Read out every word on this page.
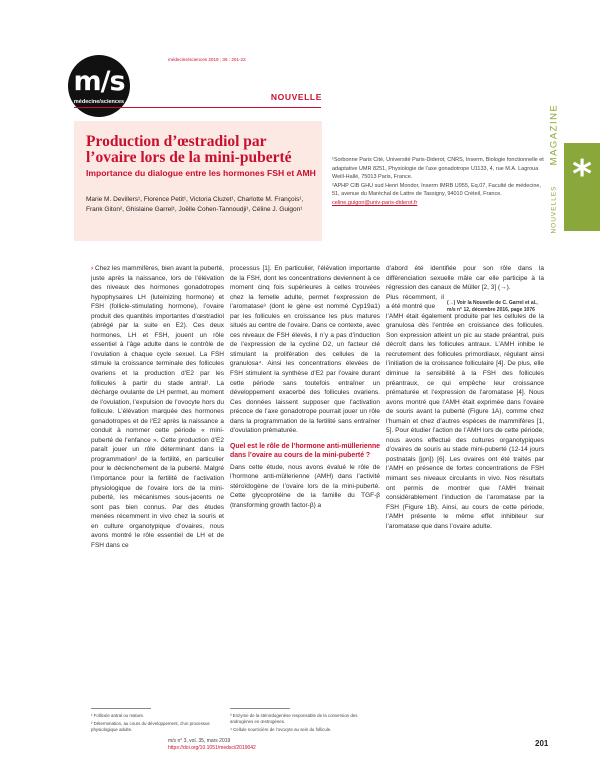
m/s
médecine/sciences
médecine/sciences 2019 ; 35 : 201-22
MAGAZINE
*
NOUVELLES
NOUVELLE
Production d’œstradiol par l’ovaire lors de la mini-puberté
Importance du dialogue entre les hormones FSH et AMH
Marie M. Devillers¹, Florence Petit¹, Victoria Cluzet¹, Charlotte M. François¹, Frank Giton², Ghislaine Garrel¹, Joëlle Cohen-Tannoudji¹, Céline J. Guigon¹
¹Sorbonne Paris Cité, Université Paris-Diderot, CNRS, Inserm, Biologie fonctionnelle et adaptative UMR 8251, Physiologie de l’axe gonadotrope U1133, 4, rue M.A. Lagroua Weill-Hallé, 75013 Paris, France.
²APHP CIB GHU sud Henri Mondor, Inserm IMRB U955, Eq.07, Faculté de médecine, 51, avenue du Maréchal de Lattre de Tassigny, 94010 Créteil, France.
celine.guigon@univ-paris-diderot.fr

› Chez les mammifères, bien avant la puberté, juste après la naissance, lors de l’élévation des niveaux des hormones gonadotropes hypophysaires LH (luteinizing hormone) et FSH (follicle-stimulating hormone), l’ovaire produit des quantités importantes d’œstradiol (abrégé par la suite en E2). Ces deux hormones, LH et FSH, jouent un rôle essentiel à l’âge adulte dans le contrôle de l’ovulation à chaque cycle sexuel. La FSH stimule la croissance terminale des follicules ovariens et la production d’E2 par les follicules à partir du stade antral¹. La décharge ovulante de LH permet, au moment de l’ovulation, l’expulsion de l’ovocyte hors du follicule. L’élévation marquée des hormones gonadotropes et de l’E2 après la naissance a conduit à nommer cette période « mini-puberté de l’enfance ». Cette production d’E2 paraît jouer un rôle déterminant dans la programmation² de la fertilité, en particulier pour le déclenchement de la puberté. Malgré l’importance pour la fertilité de l’activation physiologique de l’ovaire lors de la mini-puberté, les mécanismes sous-jacents ne sont pas bien connus. Par des études menées récemment in vivo chez la souris et en culture organotypique d’ovaires, nous avons montré le rôle essentiel de LH et de FSH dans ce

processus [1]. En particulier, l’élévation importante de la FSH, dont les concentrations deviennent à ce moment cinq fois supérieures à celles trouvées chez la femelle adulte, permet l’expression de l’aromatase³ (dont le gène est nommé Cyp19a1) par les follicules en croissance les plus matures situés au centre de l’ovaire. Dans ce contexte, avec ces niveaux de FSH élevés, il n’y a pas d’induction de l’expression de la cycline D2, un facteur clé stimulant la prolifération des cellules de la granulosa⁴. Ainsi les concentrations élevées de FSH stimulent la synthèse d’E2 par l’ovaire durant cette période sans toutefois entraîner un développement exacerbé des follicules ovariens. Ces données laissent supposer que l’activation précoce de l’axe gonadotrope pourrait jouer un rôle dans la programmation de la fertilité sans entraîner d’ovulation prématurée.

Quel est le rôle de l’hormone anti-müllerienne dans l’ovaire au cours de la mini-puberté ?

Dans cette étude, nous avons évalué le rôle de l’hormone anti-müllerienne (AMH) dans l’activité stéroïdogène de l’ovaire lors de la mini-puberté. Cette glycoprotéine de la famille du TGF-β (transforming growth factor-β) a

d’abord été identifiée pour son rôle dans la différenciation sexuelle mâle car elle participe à la régression des canaux de Müller [2, 3] (→).

Plus récemment, il a été montré que
l’AMH était également produite par les cellules de la granulosa dès l’entrée en croissance des follicules. Son expression atteint un pic au stade préantral, puis décroît dans les follicules antraux. L’AMH inhibe le recrutement des follicules primordiaux, régulant ainsi l’initiation de la croissance folliculaire [4]. De plus, elle diminue la sensibilité à la FSH des follicules préantraux, ce qui empêche leur croissance prématurée et l’expression de l’aromatase [4]. Nous avons montré que l’AMH était exprimée dans l’ovaire de souris avant la puberté (Figure 1A), comme chez l’humain et chez d’autres espèces de mammifères [1, 5]. Pour étudier l’action de l’AMH lors de cette période, nous avons effectué des cultures organotypiques d’ovaires de souris au stade mini-puberté (12-14 jours postnatals [jpn]) [6]. Les ovaires ont été traités par l’AMH en présence de fortes concentrations de FSH mimant ses niveaux circulants in vivo. Nos résultats ont permis de montrer que l’AMH freinait considérablement l’induction de l’aromatase par la FSH (Figure 1B). Ainsi, au cours de cette période, l’AMH présente le même effet inhibiteur sur l’aromatase que dans l’ovaire adulte.

(→) Voir la Nouvelle de C. Garrel et al., m/s n° 12, décembre 2016, page 1076

¹ Follicule antral ou mature.

² Détermination, au cours du développement, d’un processus physiologique adulte.

³ Enzyme de la stéroïdogenèse responsable de la conversion des androgènes en œstrogènes.

⁴ Cellule nourricière de l’ovocyte au sein du follicule.

m/s n° 3, vol. 35, mars 2019
https://doi.org/10.1051/medsci/2019042	201
